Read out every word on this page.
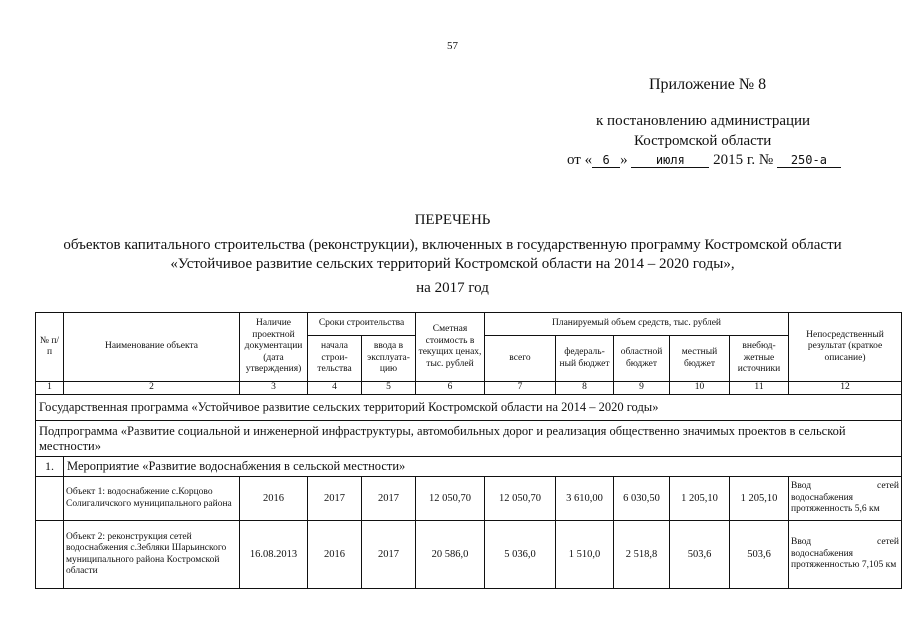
57
Приложение № 8
к постановлению администрации
Костромской области
от « 6 » июля 2015 г. № 250-а
ПЕРЕЧЕНЬ
объектов капитального строительства (реконструкции), включенных в государственную программу Костромской области
«Устойчивое развитие сельских территорий Костромской области на 2014 – 2020 годы»,
на 2017 год
№ п/п	Наименование объекта	Наличие проектной документации (дата утверждения)	Сроки строительства		Сметная стоимость в текущих ценах, тыс. рублей	Планируемый объем средств, тыс. рублей					Непосредственный результат (краткое описание)
			начала строи-тельства	ввода в эксплуата-цию		всего	федераль-ный бюджет	областной бюджет	местный бюджет	внебюд-жетные источники	
1	2	3	4	5	6	7	8	9	10	11	12
Государственная программа «Устойчивое развитие сельских территорий Костромской области на 2014 – 2020 годы»											
Подпрограмма «Развитие социальной и инженерной инфраструктуры, автомобильных дорог и реализация общественно значимых проектов в сельской местности»											
1.	Мероприятие «Развитие водоснабжения в сельской местности»										
	Объект 1: водоснабжение с.Корцово Солигаличского муниципального района	2016	2017	2017	12 050,70	12 050,70	3 610,00	6 030,50	1 205,10	1 205,10	Ввод сетей
водоснабжения протяженность 5,6 км

	Объект 2: реконструкция сетей водоснабжения с.Зебляки Шарьинского муниципального района Костромской области	16.08.2013	2016	2017	20 586,0	5 036,0	1 510,0	2 518,8	503,6	503,6	Ввод сетей
водоснабжения протяженностью 7,105 км
